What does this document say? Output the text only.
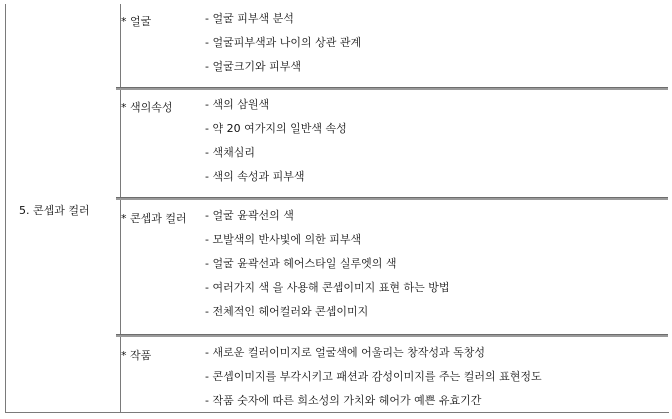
5. 콘셉과 컬러
* 얼굴	- 얼굴 피부색 분석
- 얼굴피부색과 나이의 상관 관계
- 얼굴크기와 피부색
* 색의속성	- 색의 삼원색
- 약 20 여가지의 일반색 속성
- 색채심리
- 색의 속성과 피부색
* 콘셉과 컬러 - 얼굴 윤곽선의 색
- 모발색의 반사빛에 의한 피부색
- 얼굴 윤곽선과 헤어스타일 실루엣의 색
- 여러가지 색 을 사용해 콘셉이미지 표현 하는 방법
- 전체적인 헤어컬러와 콘셉이미지
* 작품	- 새로운 컬러이미지로 얼굴색에 어울리는 창작성과 독창성
- 콘셉이미지를 부각시키고 패션과 감성이미지를 주는 컬러의 표현정도
- 작품 숫자에 따른 희소성의 가치와 헤어가 예쁜 유효기간
